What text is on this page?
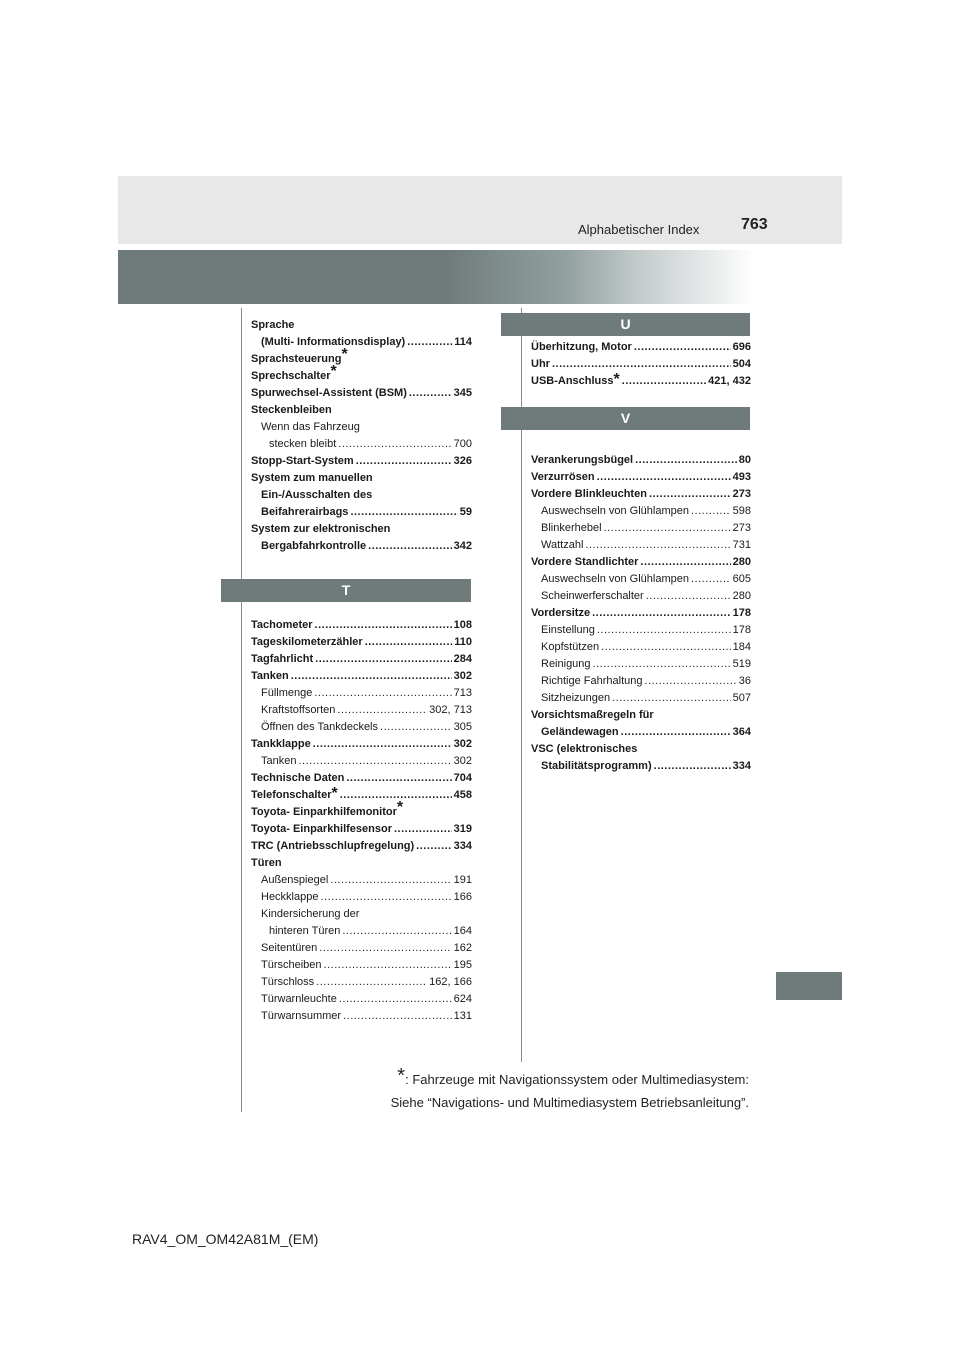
Alphabetischer Index	763
Sprache
(Multi- Informationsdisplay) .....	114
Sprachsteuerung*
Sprechschalter*
Spurwechsel-Assistent (BSM) .....	345
Steckenbleiben
Wenn das Fahrzeug
stecken bleibt .....	700
Stopp-Start-System .....	326
System zum manuellen
Ein-/Ausschalten des
Beifahrerairbags .....	59
System zur elektronischen
Bergabfahrkontrolle .....	342
T
Tachometer .....	108
Tageskilometerzähler .....	110
Tagfahrlicht .....	284
Tanken .....	302
Füllmenge .....	713
Kraftstoffsorten .....	302, 713
Öffnen des Tankdeckels .....	305
Tankklappe .....	302
Tanken .....	302
Technische Daten .....	704
Telefonschalter * .....	458
Toyota- Einparkhilfemonitor*
Toyota- Einparkhilfesensor .....	319
TRC (Antriebsschlupfregelung) .....	334
Türen
Außenspiegel .....	191
Heckklappe .....	166
Kindersicherung der
hinteren Türen .....	164
Seitentüren .....	162
Türscheiben .....	195
Türschloss .....	162, 166
Türwarnleuchte .....	624
Türwarnsummer .....	131
U
V
Überhitzung, Motor .....	696
Uhr .....	504
USB-Anschluss * .....	421, 432
Verankerungsbügel .....	80
Verzurrösen .....	493
Vordere Blinkleuchten .....	273
Auswechseln von Glühlampen .....	598
Blinkerhebel .....	273
Wattzahl .....	731
Vordere Standlichter .....	280
Auswechseln von Glühlampen .....	605
Scheinwerferschalter .....	280
Vordersitze .....	178
Einstellung .....	178
Kopfstützen .....	184
Reinigung .....	519
Richtige Fahrhaltung .....	36
Sitzheizungen .....	507
Vorsichtsmaßregeln für
Geländewagen .....	364
VSC (elektronisches
Stabilitätsprogramm) .....	334
*: Fahrzeuge mit Navigationssystem oder Multimediasystem:
Siehe “Navigations- und Multimediasystem Betriebsanleitung”.
RAV4_OM_OM42A81M_(EM)
